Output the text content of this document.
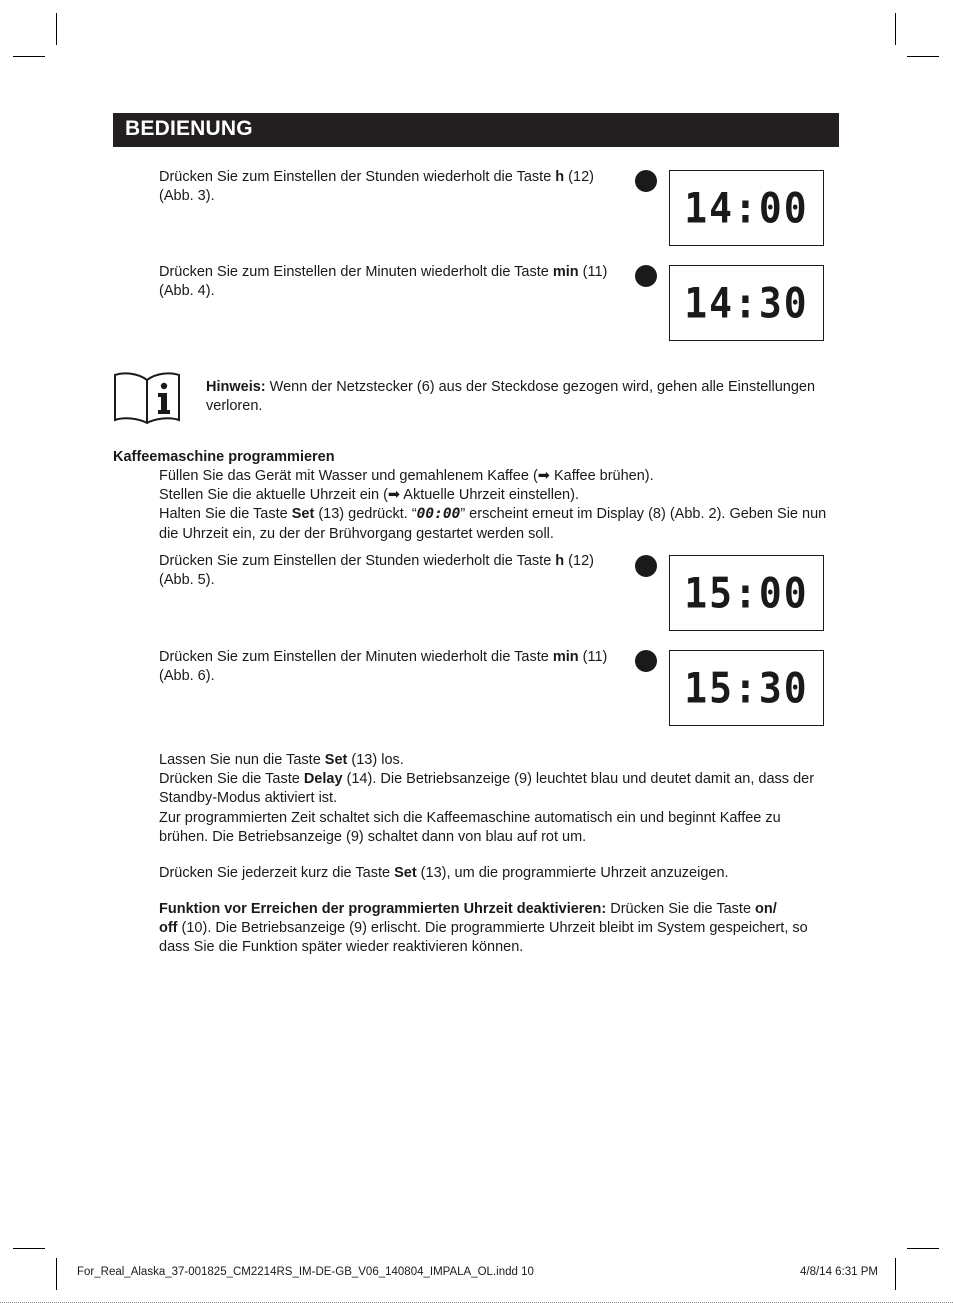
BEDIENUNG
Drücken Sie zum Einstellen der Stunden wiederholt die Taste h (12)
(Abb. 3).	14:00
Drücken Sie zum Einstellen der Minuten wiederholt die Taste min (11)
(Abb. 4).	14:30
Hinweis: Wenn der Netzstecker (6) aus der Steckdose gezogen wird, gehen alle Einstellungen
verloren.
Kaffeemaschine programmieren
Füllen Sie das Gerät mit Wasser und gemahlenem Kaffee (➡ Kaffee brühen).
Stellen Sie die aktuelle Uhrzeit ein (➡ Aktuelle Uhrzeit einstellen).
Halten Sie die Taste Set (13) gedrückt. “00:00” erscheint erneut im Display (8) (Abb. 2). Geben Sie nun
die Uhrzeit ein, zu der der Brühvorgang gestartet werden soll.
Drücken Sie zum Einstellen der Stunden wiederholt die Taste h (12)
(Abb. 5).	15:00
Drücken Sie zum Einstellen der Minuten wiederholt die Taste min (11)
(Abb. 6).	15:30
Lassen Sie nun die Taste Set (13) los.
Drücken Sie die Taste Delay (14). Die Betriebsanzeige (9) leuchtet blau und deutet damit an, dass der
Standby-Modus aktiviert ist.
Zur programmierten Zeit schaltet sich die Kaffeemaschine automatisch ein und beginnt Kaffee zu
brühen. Die Betriebsanzeige (9) schaltet dann von blau auf rot um.
Drücken Sie jederzeit kurz die Taste Set (13), um die programmierte Uhrzeit anzuzeigen.
Funktion vor Erreichen der programmierten Uhrzeit deaktivieren: Drücken Sie die Taste on/
off (10). Die Betriebsanzeige (9) erlischt. Die programmierte Uhrzeit bleibt im System gespeichert, so
dass Sie die Funktion später wieder reaktivieren können.
For_Real_Alaska_37-001825_CM2214RS_IM-DE-GB_V06_140804_IMPALA_OL.indd 10	4/8/14 6:31 PM
